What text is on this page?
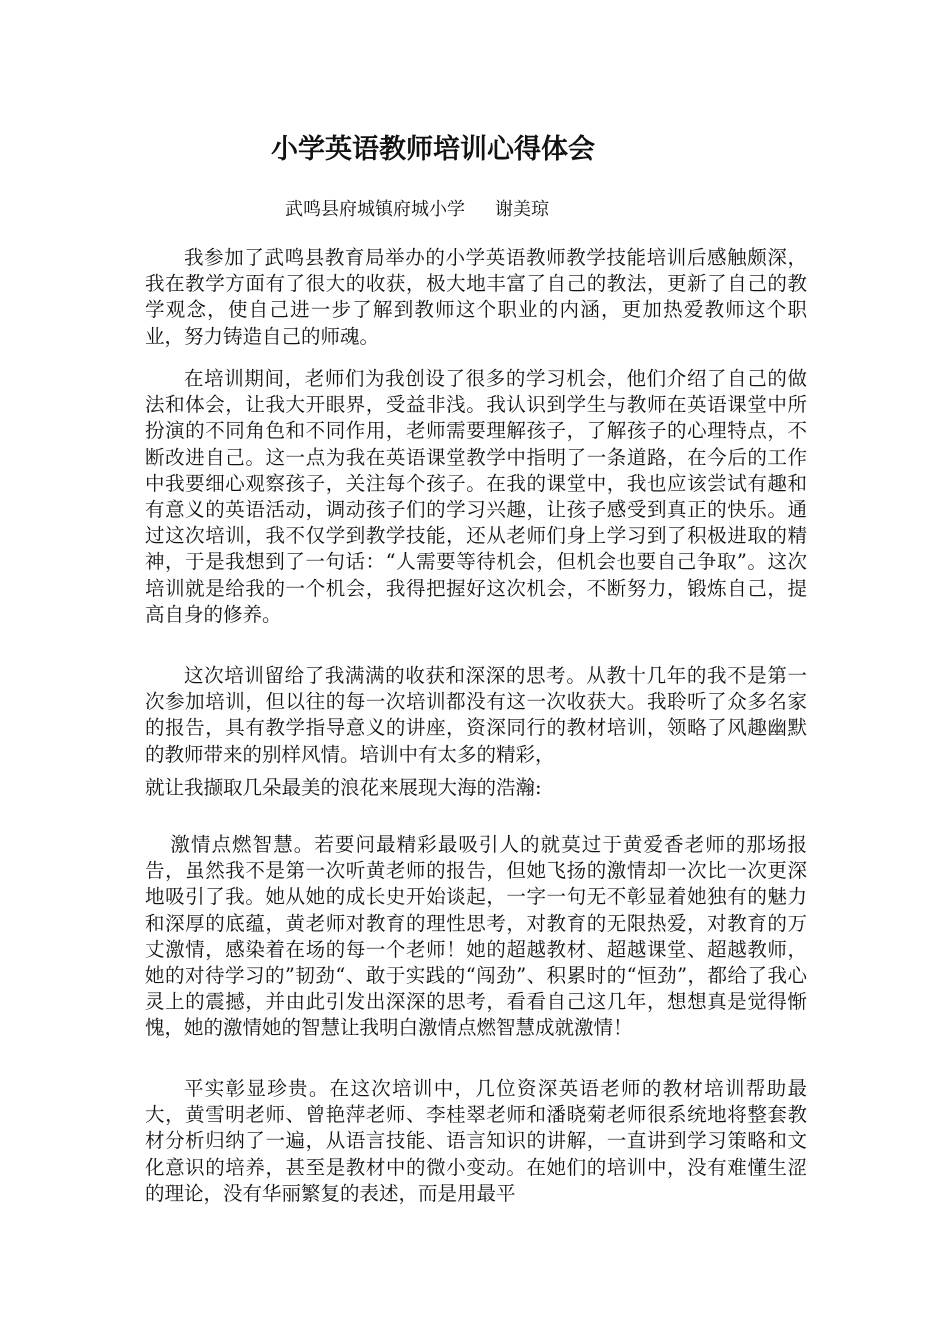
小学英语教师培训心得体会
武鸣县府城镇府城小学 谢美琼

我参加了武鸣县教育局举办的小学英语教师教学技能培训后感触颇深，我在教学方面有了很大的收获，极大地丰富了自己的教法，更新了自己的教学观念，使自己进一步了解到教师这个职业的内涵，更加热爱教师这个职业，努力铸造自己的师魂。

在培训期间，老师们为我创设了很多的学习机会，他们介绍了自己的做法和体会，让我大开眼界，受益非浅。我认识到学生与教师在英语课堂中所扮演的不同角色和不同作用，老师需要理解孩子，了解孩子的心理特点，不断改进自己。这一点为我在英语课堂教学中指明了一条道路，在今后的工作中我要细心观察孩子，关注每个孩子。在我的课堂中，我也应该尝试有趣和有意义的英语活动，调动孩子们的学习兴趣，让孩子感受到真正的快乐。通过这次培训，我不仅学到教学技能，还从老师们身上学习到了积极进取的精神，于是我想到了一句话：“人需要等待机会，但机会也要自己争取”。这次培训就是给我的一个机会，我得把握好这次机会，不断努力，锻炼自己，提高自身的修养。

这次培训留给了我满满的收获和深深的思考。从教十几年的我不是第一次参加培训，但以往的每一次培训都没有这一次收获大。我聆听了众多名家的报告，具有教学指导意义的讲座，资深同行的教材培训，领略了风趣幽默的教师带来的别样风情。培训中有太多的精彩，

就让我撷取几朵最美的浪花来展现大海的浩瀚:

激情点燃智慧。若要问最精彩最吸引人的就莫过于黄爱香老师的那场报告，虽然我不是第一次听黄老师的报告，但她飞扬的激情却一次比一次更深地吸引了我。她从她的成长史开始谈起，一字一句无不彰显着她独有的魅力和深厚的底蕴，黄老师对教育的理性思考，对教育的无限热爱，对教育的万丈激情，感染着在场的每一个老师！她的超越教材、超越课堂、超越教师，她的对待学习的”韧劲“、敢于实践的“闯劲”、积累时的“恒劲”，都给了我心灵上的震撼，并由此引发出深深的思考，看看自己这几年，想想真是觉得惭愧，她的激情她的智慧让我明白激情点燃智慧成就激情！

平实彰显珍贵。在这次培训中，几位资深英语老师的教材培训帮助最大，黄雪明老师、曾艳萍老师、李桂翠老师和潘晓菊老师很系统地将整套教材分析归纳了一遍，从语言技能、语言知识的讲解，一直讲到学习策略和文化意识的培养，甚至是教材中的微小变动。在她们的培训中，没有难懂生涩的理论，没有华丽繁复的表述，而是用最平
